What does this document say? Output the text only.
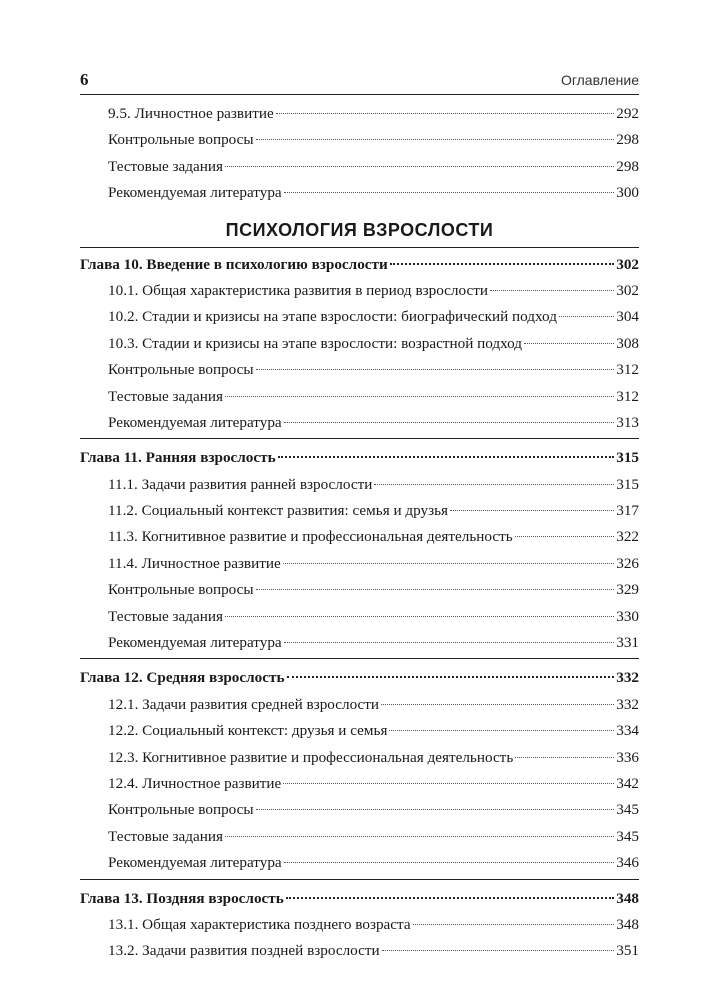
6	Оглавление
9.5. Личностное развитие	292
Контрольные вопросы	298
Тестовые задания	298
Рекомендуемая литература	300
ПСИХОЛОГИЯ ВЗРОСЛОСТИ
Глава 10. Введение в психологию взрослости	302
10.1. Общая характеристика развития в период взрослости	302
10.2. Стадии и кризисы на этапе взрослости: биографический подход	304
10.3. Стадии и кризисы на этапе взрослости: возрастной подход	308
Контрольные вопросы	312
Тестовые задания	312
Рекомендуемая литература	313
Глава 11. Ранняя взрослость	315
11.1. Задачи развития ранней взрослости	315
11.2. Социальный контекст развития: семья и друзья	317
11.3. Когнитивное развитие и профессиональная деятельность	322
11.4. Личностное развитие	326
Контрольные вопросы	329
Тестовые задания	330
Рекомендуемая литература	331
Глава 12. Средняя взрослость	332
12.1. Задачи развития средней взрослости	332
12.2. Социальный контекст: друзья и семья	334
12.3. Когнитивное развитие и профессиональная деятельность	336
12.4. Личностное развитие	342
Контрольные вопросы	345
Тестовые задания	345
Рекомендуемая литература	346
Глава 13. Поздняя взрослость	348
13.1. Общая характеристика позднего возраста	348
13.2. Задачи развития поздней взрослости	351
